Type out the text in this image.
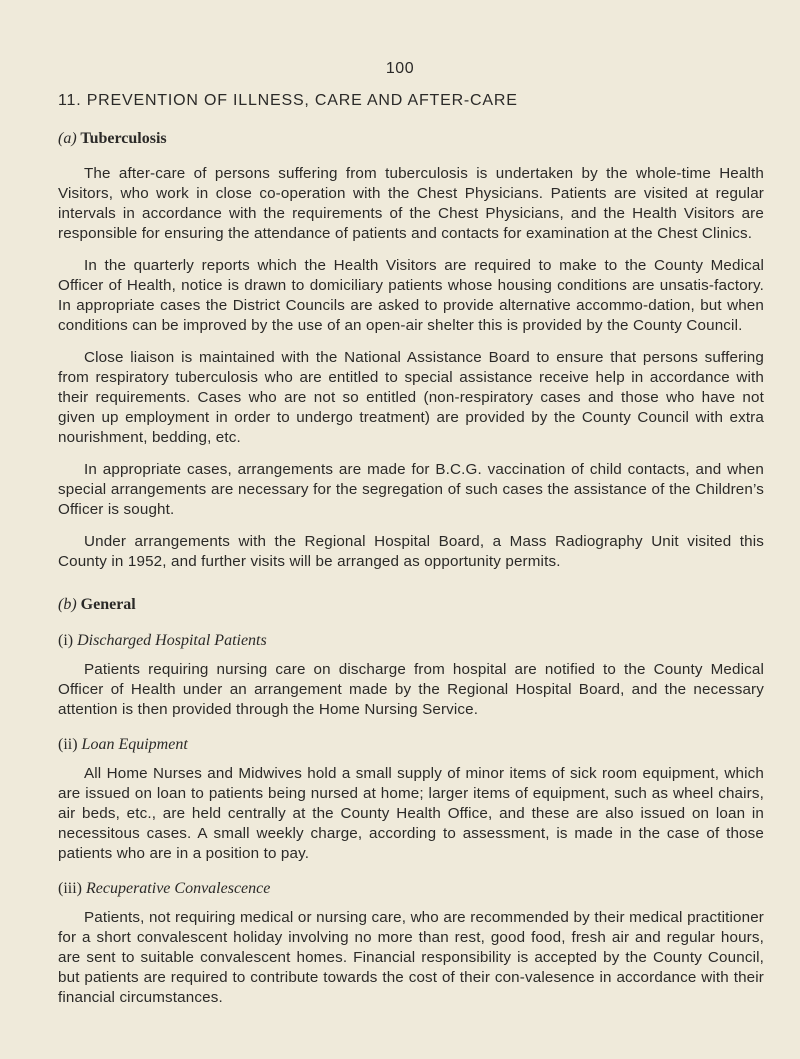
100
11. PREVENTION OF ILLNESS, CARE AND AFTER-CARE
(a) Tuberculosis

The after-care of persons suffering from tuberculosis is undertaken by the whole-time Health Visitors, who work in close co-operation with the Chest Physicians. Patients are visited at regular intervals in accordance with the requirements of the Chest Physicians, and the Health Visitors are responsible for ensuring the attendance of patients and contacts for examination at the Chest Clinics.

In the quarterly reports which the Health Visitors are required to make to the County Medical Officer of Health, notice is drawn to domiciliary patients whose housing conditions are unsatis-factory. In appropriate cases the District Councils are asked to provide alternative accommo-dation, but when conditions can be improved by the use of an open-air shelter this is provided by the County Council.

Close liaison is maintained with the National Assistance Board to ensure that persons suffering from respiratory tuberculosis who are entitled to special assistance receive help in accordance with their requirements. Cases who are not so entitled (non-respiratory cases and those who have not given up employment in order to undergo treatment) are provided by the County Council with extra nourishment, bedding, etc.

In appropriate cases, arrangements are made for B.C.G. vaccination of child contacts, and when special arrangements are necessary for the segregation of such cases the assistance of the Children’s Officer is sought.

Under arrangements with the Regional Hospital Board, a Mass Radiography Unit visited this County in 1952, and further visits will be arranged as opportunity permits.

(b) General
(i) Discharged Hospital Patients

Patients requiring nursing care on discharge from hospital are notified to the County Medical Officer of Health under an arrangement made by the Regional Hospital Board, and the necessary attention is then provided through the Home Nursing Service.

(ii) Loan Equipment

All Home Nurses and Midwives hold a small supply of minor items of sick room equipment, which are issued on loan to patients being nursed at home; larger items of equipment, such as wheel chairs, air beds, etc., are held centrally at the County Health Office, and these are also issued on loan in necessitous cases. A small weekly charge, according to assessment, is made in the case of those patients who are in a position to pay.

(iii) Recuperative Convalescence

Patients, not requiring medical or nursing care, who are recommended by their medical practitioner for a short convalescent holiday involving no more than rest, good food, fresh air and regular hours, are sent to suitable convalescent homes. Financial responsibility is accepted by the County Council, but patients are required to contribute towards the cost of their con-valesence in accordance with their financial circumstances.
